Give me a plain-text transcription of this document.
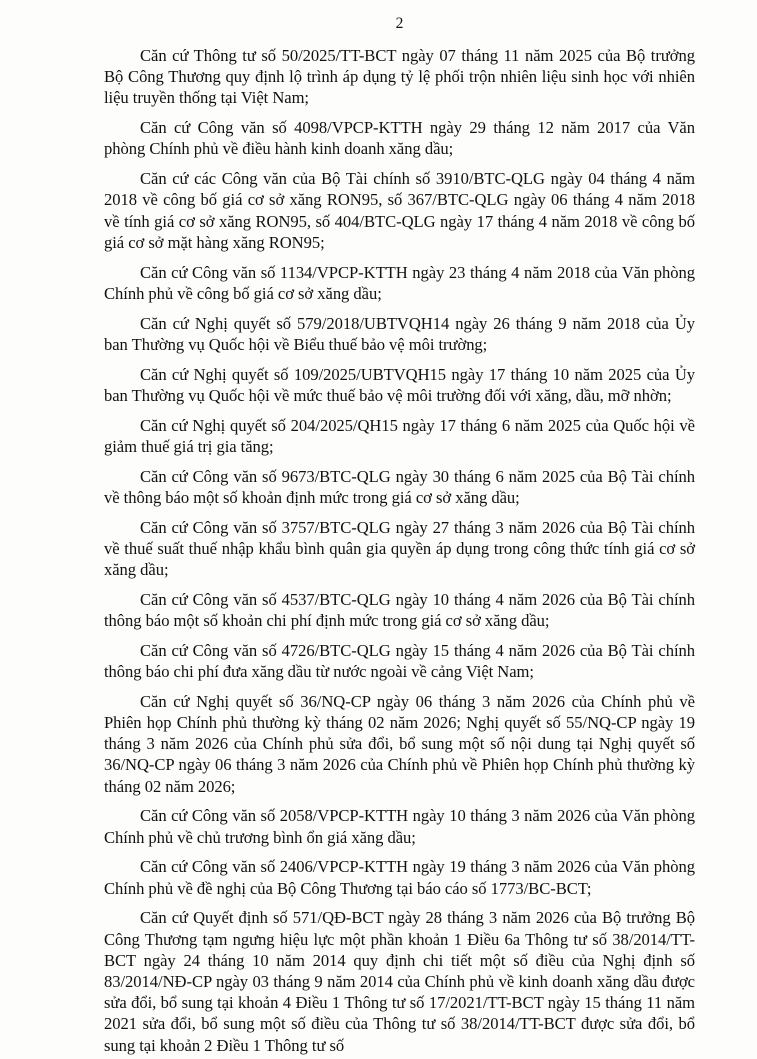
2

Căn cứ Thông tư số 50/2025/TT-BCT ngày 07 tháng 11 năm 2025 của Bộ trưởng Bộ Công Thương quy định lộ trình áp dụng tỷ lệ phối trộn nhiên liệu sinh học với nhiên liệu truyền thống tại Việt Nam;

Căn cứ Công văn số 4098/VPCP-KTTH ngày 29 tháng 12 năm 2017 của Văn phòng Chính phủ về điều hành kinh doanh xăng dầu;

Căn cứ các Công văn của Bộ Tài chính số 3910/BTC-QLG ngày 04 tháng 4 năm 2018 về công bố giá cơ sở xăng RON95, số 367/BTC-QLG ngày 06 tháng 4 năm 2018 về tính giá cơ sở xăng RON95, số 404/BTC-QLG ngày 17 tháng 4 năm 2018 về công bố giá cơ sở mặt hàng xăng RON95;

Căn cứ Công văn số 1134/VPCP-KTTH ngày 23 tháng 4 năm 2018 của Văn phòng Chính phủ về công bố giá cơ sở xăng dầu;

Căn cứ Nghị quyết số 579/2018/UBTVQH14 ngày 26 tháng 9 năm 2018 của Ủy ban Thường vụ Quốc hội về Biểu thuế bảo vệ môi trường;

Căn cứ Nghị quyết số 109/2025/UBTVQH15 ngày 17 tháng 10 năm 2025 của Ủy ban Thường vụ Quốc hội về mức thuế bảo vệ môi trường đối với xăng, dầu, mỡ nhờn;

Căn cứ Nghị quyết số 204/2025/QH15 ngày 17 tháng 6 năm 2025 của Quốc hội về giảm thuế giá trị gia tăng;

Căn cứ Công văn số 9673/BTC-QLG ngày 30 tháng 6 năm 2025 của Bộ Tài chính về thông báo một số khoản định mức trong giá cơ sở xăng dầu;

Căn cứ Công văn số 3757/BTC-QLG ngày 27 tháng 3 năm 2026 của Bộ Tài chính về thuế suất thuế nhập khẩu bình quân gia quyền áp dụng trong công thức tính giá cơ sở xăng dầu;

Căn cứ Công văn số 4537/BTC-QLG ngày 10 tháng 4 năm 2026 của Bộ Tài chính thông báo một số khoản chi phí định mức trong giá cơ sở xăng dầu;

Căn cứ Công văn số 4726/BTC-QLG ngày 15 tháng 4 năm 2026 của Bộ Tài chính thông báo chi phí đưa xăng dầu từ nước ngoài về cảng Việt Nam;

Căn cứ Nghị quyết số 36/NQ-CP ngày 06 tháng 3 năm 2026 của Chính phủ về Phiên họp Chính phủ thường kỳ tháng 02 năm 2026; Nghị quyết số 55/NQ-CP ngày 19 tháng 3 năm 2026 của Chính phủ sửa đổi, bổ sung một số nội dung tại Nghị quyết số 36/NQ-CP ngày 06 tháng 3 năm 2026 của Chính phủ về Phiên họp Chính phủ thường kỳ tháng 02 năm 2026;

Căn cứ Công văn số 2058/VPCP-KTTH ngày 10 tháng 3 năm 2026 của Văn phòng Chính phủ về chủ trương bình ổn giá xăng dầu;

Căn cứ Công văn số 2406/VPCP-KTTH ngày 19 tháng 3 năm 2026 của Văn phòng Chính phủ về đề nghị của Bộ Công Thương tại báo cáo số 1773/BC-BCT;

Căn cứ Quyết định số 571/QĐ-BCT ngày 28 tháng 3 năm 2026 của Bộ trưởng Bộ Công Thương tạm ngưng hiệu lực một phần khoản 1 Điều 6a Thông tư số 38/2014/TT-BCT ngày 24 tháng 10 năm 2014 quy định chi tiết một số điều của Nghị định số 83/2014/NĐ-CP ngày 03 tháng 9 năm 2014 của Chính phủ về kinh doanh xăng dầu được sửa đổi, bổ sung tại khoản 4 Điều 1 Thông tư số 17/2021/TT-BCT ngày 15 tháng 11 năm 2021 sửa đổi, bổ sung một số điều của Thông tư số 38/2014/TT-BCT được sửa đổi, bổ sung tại khoản 2 Điều 1 Thông tư số
